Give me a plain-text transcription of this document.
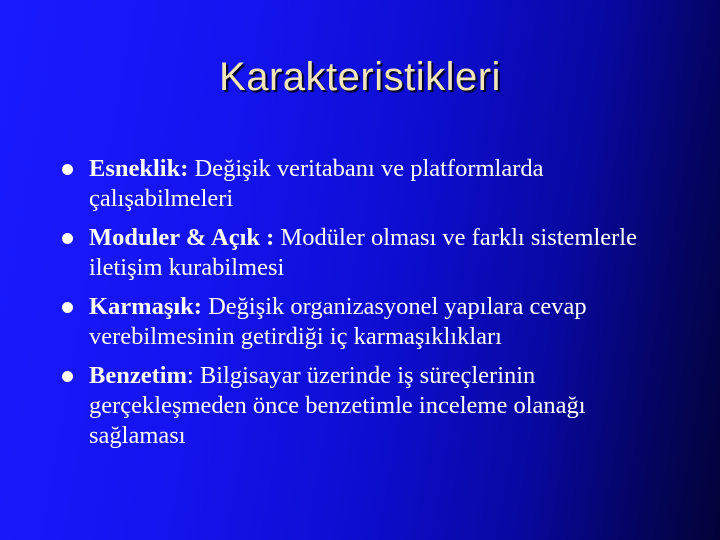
Karakteristikleri
Esneklik: Değişik veritabanı ve platformlarda çalışabilmeleri
Moduler & Açık : Modüler olması ve farklı sistemlerle iletişim kurabilmesi
Karmaşık: Değişik organizasyonel yapılara cevap verebilmesinin getirdiği iç karmaşıklıkları
Benzetim: Bilgisayar üzerinde iş süreçlerinin gerçekleşmeden önce benzetimle inceleme olanağı sağlaması
